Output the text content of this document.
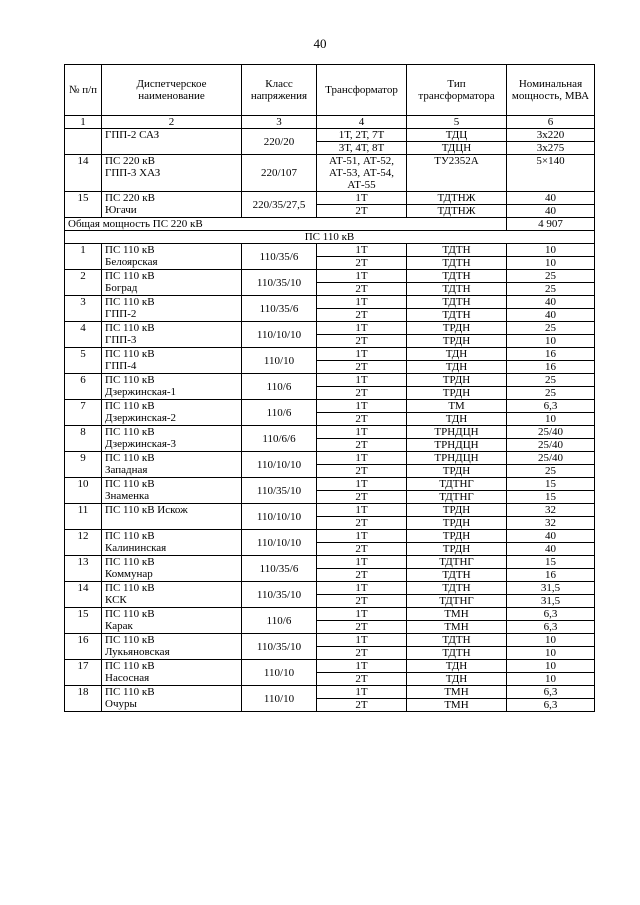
40
№ п/п	Диспетчерское наименование	Класс напряжения	Трансформатор	Тип трансформатора	Номинальная мощность, МВА
1	2	3	4	5	6

	ГПП-2 САЗ	220/20	1Т, 2Т, 7Т	ТДЦ	3х220
			3Т, 4Т, 8Т	ТДЦН	3х275
14	ПС 220 кВ
ГПП-3 ХАЗ	220/107	АТ-51, АТ-52, АТ-53, АТ-54, АТ-55	ТУ2352А	5×140
15	ПС 220 кВ
Югачи	220/35/27,5	1Т	ТДТНЖ	40
			2Т	ТДТНЖ	40
Общая мощность ПС 220 кВ					4 907
ПС 110 кВ					
1	ПС 110 кВ
Белоярская	110/35/6	1Т	ТДТН	10
			2Т	ТДТН	10
2	ПС 110 кВ
Боград	110/35/10	1Т	ТДТН	25
			2Т	ТДТН	25
3	ПС 110 кВ
ГПП-2	110/35/6	1Т	ТДТН	40
			2Т	ТДТН	40
4	ПС 110 кВ
ГПП-3	110/10/10	1Т	ТРДН	25
			2Т	ТРДН	10
5	ПС 110 кВ
ГПП-4	110/10	1Т	ТДН	16
			2Т	ТДН	16
6	ПС 110 кВ
Дзержинская-1	110/6	1Т	ТРДН	25
			2Т	ТРДН	25
7	ПС 110 кВ
Дзержинская-2	110/6	1Т	ТМ	6,3
			2Т	ТДН	10
8	ПС 110 кВ
Дзержинская-3	110/6/6	1Т	ТРНДЦН	25/40
			2Т	ТРНДЦН	25/40
9	ПС 110 кВ
Западная	110/10/10	1Т	ТРНДЦН	25/40
			2Т	ТРДН	25
10	ПС 110 кВ
Знаменка	110/35/10	1Т	ТДТНГ	15
			2Т	ТДТНГ	15
11	ПС 110 кВ Искож	110/10/10	1Т	ТРДН	32
			2Т	ТРДН	32
12	ПС 110 кВ
Калининская	110/10/10	1Т	ТРДН	40
			2Т	ТРДН	40
13	ПС 110 кВ
Коммунар	110/35/6	1Т	ТДТНГ	15
			2Т	ТДТН	16
14	ПС 110 кВ
КСК	110/35/10	1Т	ТДТН	31,5
			2Т	ТДТНГ	31,5
15	ПС 110 кВ
Карак	110/6	1Т	ТМН	6,3
			2Т	ТМН	6,3
16	ПС 110 кВ
Лукьяновская	110/35/10	1Т	ТДТН	10
			2Т	ТДТН	10
17	ПС 110 кВ
Насосная	110/10	1Т	ТДН	10
			2Т	ТДН	10
18	ПС 110 кВ
Очуры	110/10	1Т	ТМН	6,3
			2Т	ТМН	6,3
